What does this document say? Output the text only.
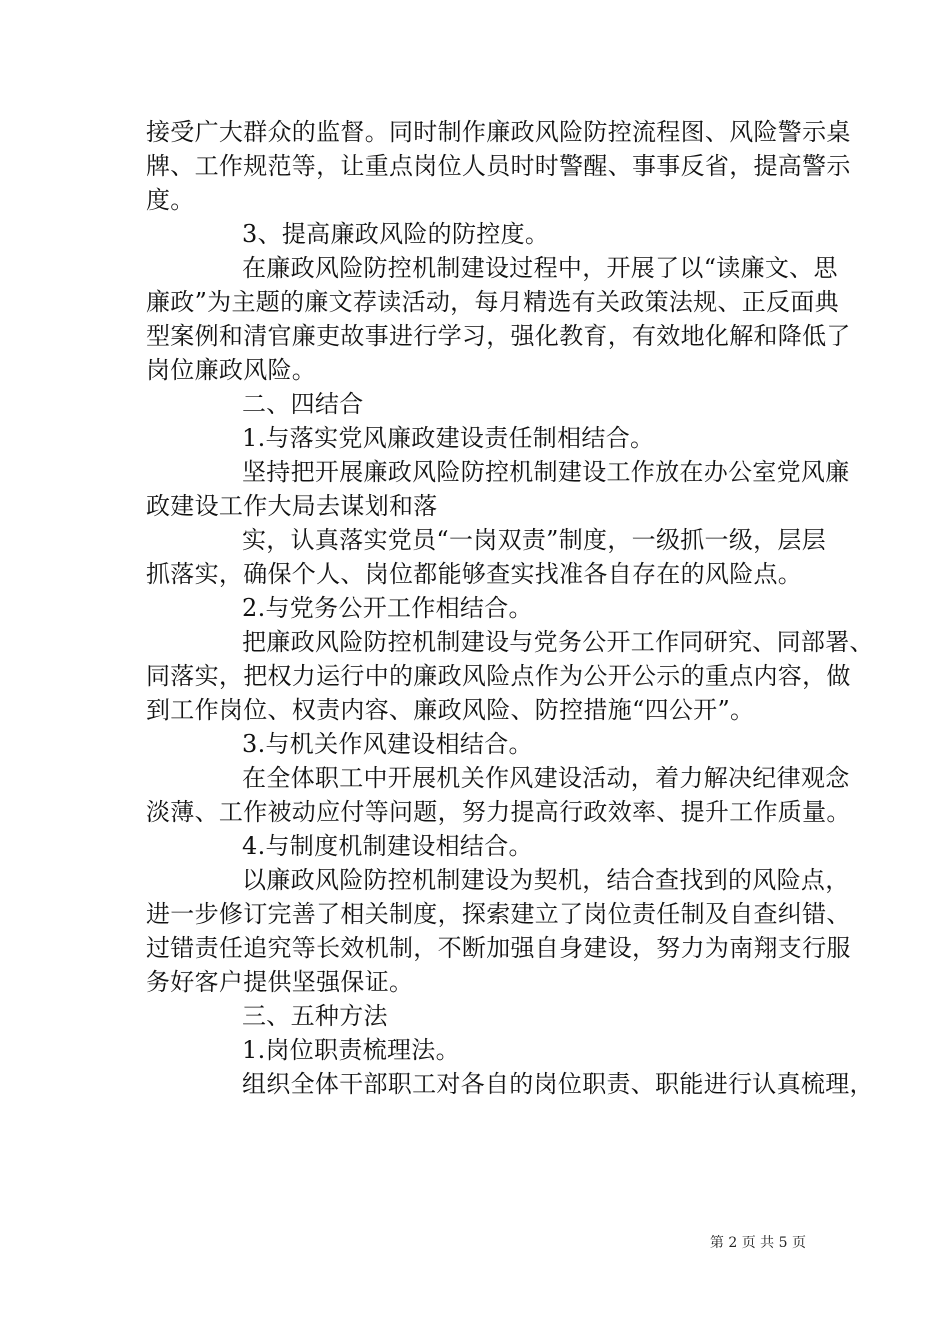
接受广大群众的监督。同时制作廉政风险防控流程图、风险警示桌
牌、工作规范等，让重点岗位人员时时警醒、事事反省，提高警示
度。
3、提高廉政风险的防控度。
在廉政风险防控机制建设过程中，开展了以“读廉文、思
廉政”为主题的廉文荐读活动，每月精选有关政策法规、正反面典
型案例和清官廉吏故事进行学习，强化教育，有效地化解和降低了
岗位廉政风险。
二、四结合
1.与落实党风廉政建设责任制相结合。
坚持把开展廉政风险防控机制建设工作放在办公室党风廉
政建设工作大局去谋划和落
实，认真落实党员“一岗双责”制度，一级抓一级，层层
抓落实，确保个人、岗位都能够查实找准各自存在的风险点。
2.与党务公开工作相结合。
把廉政风险防控机制建设与党务公开工作同研究、同部署、
同落实，把权力运行中的廉政风险点作为公开公示的重点内容，做
到工作岗位、权责内容、廉政风险、防控措施“四公开”。
3.与机关作风建设相结合。
在全体职工中开展机关作风建设活动，着力解决纪律观念
淡薄、工作被动应付等问题，努力提高行政效率、提升工作质量。
4.与制度机制建设相结合。
以廉政风险防控机制建设为契机，结合查找到的风险点，
进一步修订完善了相关制度，探索建立了岗位责任制及自查纠错、
过错责任追究等长效机制，不断加强自身建设，努力为南翔支行服
务好客户提供坚强保证。
三、五种方法
1.岗位职责梳理法。
组织全体干部职工对各自的岗位职责、职能进行认真梳理，
第 2 页 共 5 页
